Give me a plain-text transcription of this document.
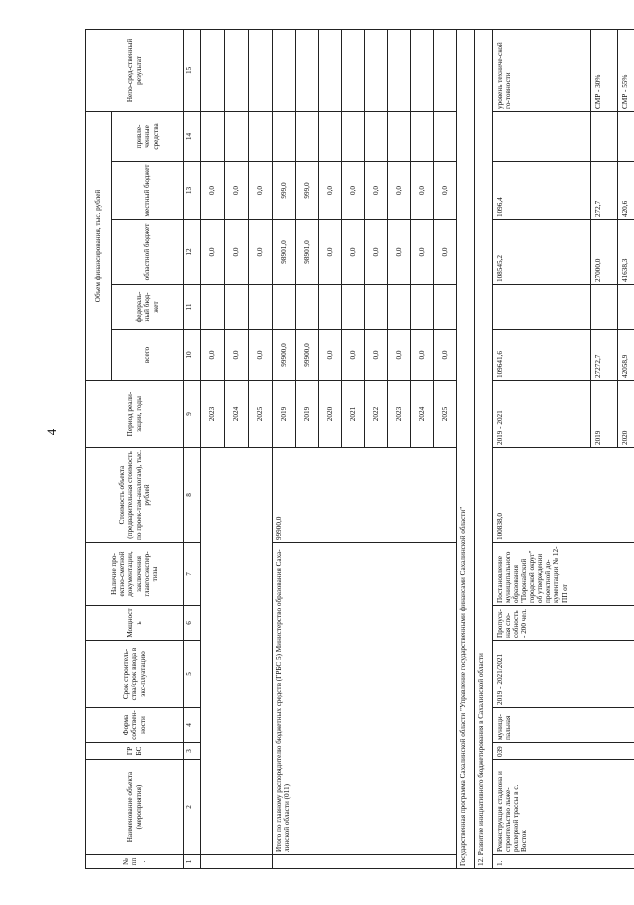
4
№ пп.	Наименование объекта (мероприятия)	ГРБС	Форма собствен-ности	Срок строитель-ства/срок ввода в экс-плуатацию	Мощность	Наличие про-ектно-сметной документации, заключения главгосэкспер-тизы	Стоимость объекта (предварительная стоимость по проек-там-аналогам), тыс. рублей	Период реали-зации, годы	Объем финансирования, тыс. рублей					Непо-сред-ственный результат
									всего	федераль-ный бюд-жет	областной бюджет	местный бюджет	привле-ченные средства	
1	2	3	4	5	6	7	8	9	10	11	12	13	14	15
								2023	0,0		0,0	0,0		
								2024	0,0		0,0	0,0		
								2025	0,0		0,0	0,0		
	Итого по главному распорядителю бюджетных средств (ГРБС 5) Министерство образования Саха-линской области (011)						99900,0	2019	99900,0		98901,0	999,0		
								2019	99900,0		98901,0	999,0		
								2020	0,0		0,0	0,0		
								2021	0,0		0,0	0,0		
								2022	0,0		0,0	0,0		
								2023	0,0		0,0	0,0		
								2024	0,0		0,0	0,0		
								2025	0,0		0,0	0,0		
Государственная программа Сахалинской области "Управление государственными финансами Сахалинской области"														
12. Развитие инициативного бюджетирования в Сахалинской области														
1.	Реконструкция стадиона и строительство лыже-роллерной трассы в с. Восток	039	муници-пальная	2019 - 2021/2021	Пропуск-ная спо-собность - 200 чел.	Постановление муниципального образования "Поронайский городской округ" об утверждении проектной до-кументации № 12-ПП от	100838,0	2019 - 2021	109641,6		108545,2	1096,4		уровень техниче-ской го-товности
								2019	27272,7		27000,0	272,7		СМР - 30%
								2020	42058,9		41638,3	420,6		СМР - 55%
